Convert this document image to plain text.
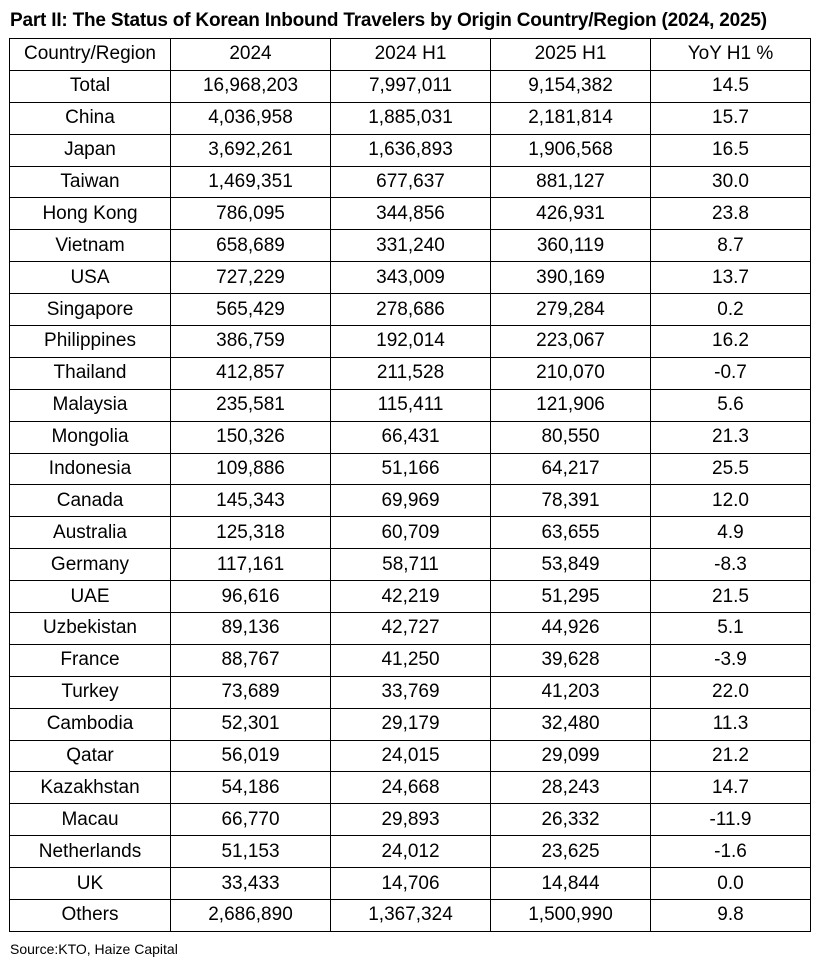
Part II: The Status of Korean Inbound Travelers by Origin Country/Region (2024, 2025)
Country/Region	2024	2024 H1	2025 H1	YoY H1 %
Total	16,968,203	7,997,011	9,154,382	14.5
China	4,036,958	1,885,031	2,181,814	15.7
Japan	3,692,261	1,636,893	1,906,568	16.5
Taiwan	1,469,351	677,637	881,127	30.0
Hong Kong	786,095	344,856	426,931	23.8
Vietnam	658,689	331,240	360,119	8.7
USA	727,229	343,009	390,169	13.7
Singapore	565,429	278,686	279,284	0.2
Philippines	386,759	192,014	223,067	16.2
Thailand	412,857	211,528	210,070	-0.7
Malaysia	235,581	115,411	121,906	5.6
Mongolia	150,326	66,431	80,550	21.3
Indonesia	109,886	51,166	64,217	25.5
Canada	145,343	69,969	78,391	12.0
Australia	125,318	60,709	63,655	4.9
Germany	117,161	58,711	53,849	-8.3
UAE	96,616	42,219	51,295	21.5
Uzbekistan	89,136	42,727	44,926	5.1
France	88,767	41,250	39,628	-3.9
Turkey	73,689	33,769	41,203	22.0
Cambodia	52,301	29,179	32,480	11.3
Qatar	56,019	24,015	29,099	21.2
Kazakhstan	54,186	24,668	28,243	14.7
Macau	66,770	29,893	26,332	-11.9
Netherlands	51,153	24,012	23,625	-1.6
UK	33,433	14,706	14,844	0.0
Others	2,686,890	1,367,324	1,500,990	9.8
Source:KTO, Haize Capital
